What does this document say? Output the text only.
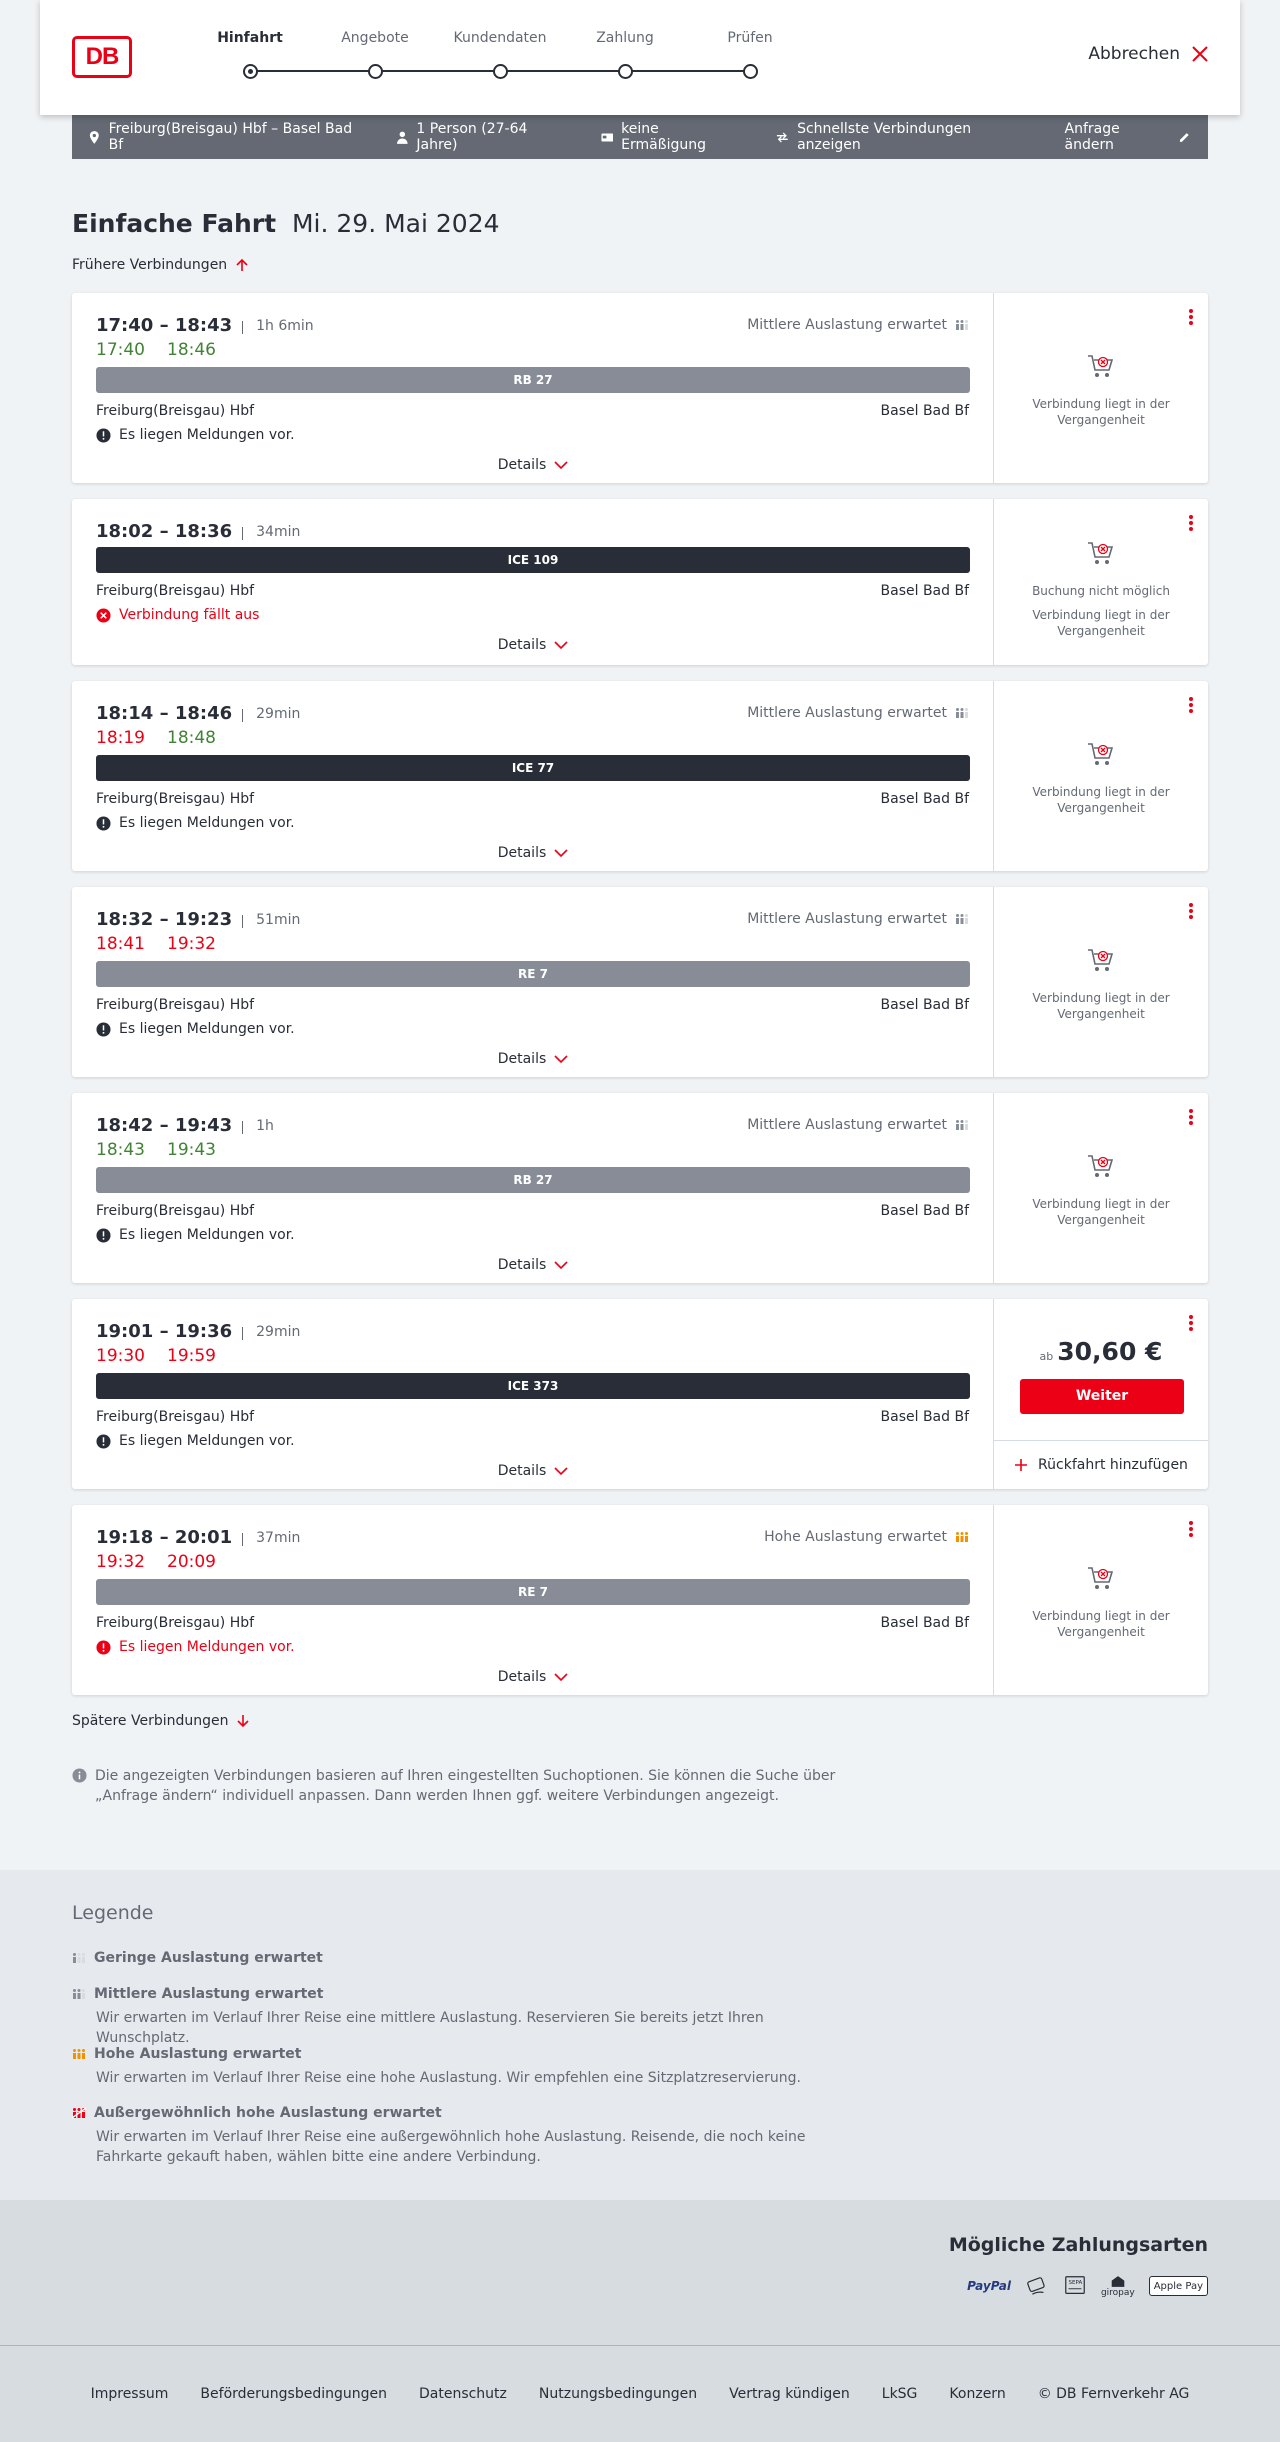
DB
Hinfahrt	Angebote	Kundendaten	Zahlung	Prüfen
Abbrechen
Freiburg(Breisgau) Hbf – Basel Bad Bf
1 Person (27-64 Jahre)
keine Ermäßigung
Schnellste Verbindungen anzeigen
Anfrage ändern
Einfache Fahrt Mi. 29. Mai 2024
Frühere Verbindungen
17:40 – 18:43	1h 6min
17:40 18:46
Mittlere Auslastung erwartet
RB 27
Freiburg(Breisgau) Hbf	Basel Bad Bf
Es liegen Meldungen vor.
Details
Verbindung liegt in der Vergangenheit
18:02 – 18:36	34min
ICE 109
Freiburg(Breisgau) Hbf	Basel Bad Bf
Verbindung fällt aus
Details
Buchung nicht möglich
Verbindung liegt in der Vergangenheit
18:14 – 18:46	29min
18:19 18:48
Mittlere Auslastung erwartet
ICE 77
Freiburg(Breisgau) Hbf	Basel Bad Bf
Es liegen Meldungen vor.
Details
Verbindung liegt in der Vergangenheit
18:32 – 19:23	51min
18:41 19:32
Mittlere Auslastung erwartet
RE 7
Freiburg(Breisgau) Hbf	Basel Bad Bf
Es liegen Meldungen vor.
Details
Verbindung liegt in der Vergangenheit
18:42 – 19:43	1h
18:43 19:43
Mittlere Auslastung erwartet
RB 27
Freiburg(Breisgau) Hbf	Basel Bad Bf
Es liegen Meldungen vor.
Details
Verbindung liegt in der Vergangenheit
19:01 – 19:36	29min
19:30 19:59
ICE 373
Freiburg(Breisgau) Hbf	Basel Bad Bf
Es liegen Meldungen vor.
Details
ab 30,60 €
Weiter
Rückfahrt hinzufügen
19:18 – 20:01	37min
19:32 20:09
Hohe Auslastung erwartet
RE 7
Freiburg(Breisgau) Hbf	Basel Bad Bf
Es liegen Meldungen vor.
Details
Verbindung liegt in der Vergangenheit
Spätere Verbindungen
Die angezeigten Verbindungen basieren auf Ihren eingestellten Suchoptionen. Sie können die Suche über „Anfrage ändern“ individuell anpassen. Dann werden Ihnen ggf. weitere Verbindungen angezeigt.
Legende
Geringe Auslastung erwartet
Mittlere Auslastung erwartet
Wir erwarten im Verlauf Ihrer Reise eine mittlere Auslastung. Reservieren Sie bereits jetzt Ihren Wunschplatz.
Hohe Auslastung erwartet
Wir erwarten im Verlauf Ihrer Reise eine hohe Auslastung. Wir empfehlen eine Sitzplatzreservierung.
Außergewöhnlich hohe Auslastung erwartet
Wir erwarten im Verlauf Ihrer Reise eine außergewöhnlich hohe Auslastung. Reisende, die noch keine Fahrkarte gekauft haben, wählen bitte eine andere Verbindung.
Mögliche Zahlungsarten
PayPal	SEPA
giropay
Apple Pay
Impressum Beförderungsbedingungen Datenschutz Nutzungsbedingungen Vertrag kündigen LkSG Konzern © DB Fernverkehr AG
